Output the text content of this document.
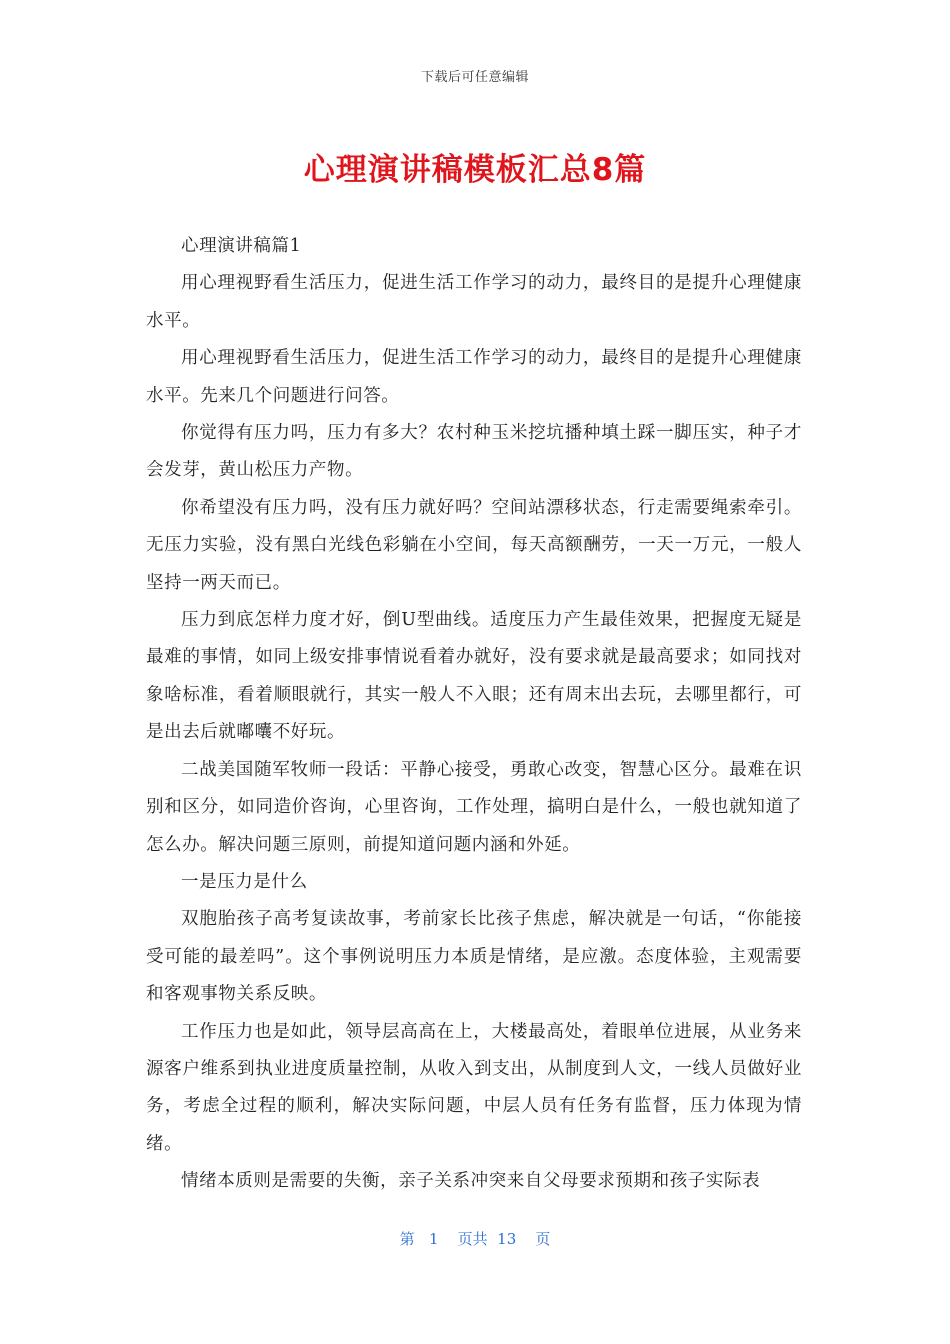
下载后可任意编辑
心理演讲稿模板汇总8篇

心理演讲稿篇1

用心理视野看生活压力，促进生活工作学习的动力，最终目的是提升心理健康水平。

用心理视野看生活压力，促进生活工作学习的动力，最终目的是提升心理健康水平。先来几个问题进行问答。

你觉得有压力吗，压力有多大？农村种玉米挖坑播种填土踩一脚压实，种子才会发芽，黄山松压力产物。

你希望没有压力吗，没有压力就好吗？空间站漂移状态，行走需要绳索牵引。无压力实验，没有黑白光线色彩躺在小空间，每天高额酬劳，一天一万元，一般人坚持一两天而已。

压力到底怎样力度才好，倒U型曲线。适度压力产生最佳效果，把握度无疑是最难的事情，如同上级安排事情说看着办就好，没有要求就是最高要求；如同找对象啥标准，看着顺眼就行，其实一般人不入眼；还有周末出去玩，去哪里都行，可是出去后就嘟囔不好玩。

二战美国随军牧师一段话：平静心接受，勇敢心改变，智慧心区分。最难在识别和区分，如同造价咨询，心里咨询，工作处理，搞明白是什么，一般也就知道了怎么办。解决问题三原则，前提知道问题内涵和外延。

一是压力是什么

双胞胎孩子高考复读故事，考前家长比孩子焦虑，解决就是一句话，“你能接受可能的最差吗”。这个事例说明压力本质是情绪，是应激。态度体验，主观需要和客观事物关系反映。

工作压力也是如此，领导层高高在上，大楼最高处，着眼单位进展，从业务来源客户维系到执业进度质量控制，从收入到支出，从制度到人文，一线人员做好业务，考虑全过程的顺利，解决实际问题，中层人员有任务有监督，压力体现为情绪。

情绪本质则是需要的失衡，亲子关系冲突来自父母要求预期和孩子实际表

第 1 页共 13 页
